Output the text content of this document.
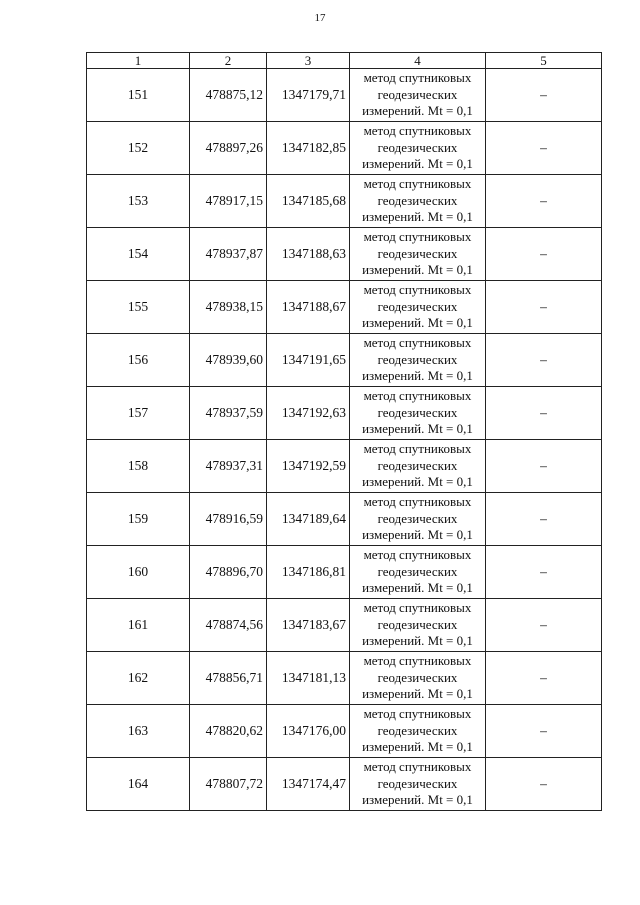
17
1	2	3	4	5
151	478875,12	1347179,71	метод спутниковых
геодезических
измерений. Mt = 0,1	–
152	478897,26	1347182,85	метод спутниковых
геодезических
измерений. Mt = 0,1	–
153	478917,15	1347185,68	метод спутниковых
геодезических
измерений. Mt = 0,1	–
154	478937,87	1347188,63	метод спутниковых
геодезических
измерений. Mt = 0,1	–
155	478938,15	1347188,67	метод спутниковых
геодезических
измерений. Mt = 0,1	–
156	478939,60	1347191,65	метод спутниковых
геодезических
измерений. Mt = 0,1	–
157	478937,59	1347192,63	метод спутниковых
геодезических
измерений. Mt = 0,1	–
158	478937,31	1347192,59	метод спутниковых
геодезических
измерений. Mt = 0,1	–
159	478916,59	1347189,64	метод спутниковых
геодезических
измерений. Mt = 0,1	–
160	478896,70	1347186,81	метод спутниковых
геодезических
измерений. Mt = 0,1	–
161	478874,56	1347183,67	метод спутниковых
геодезических
измерений. Mt = 0,1	–
162	478856,71	1347181,13	метод спутниковых
геодезических
измерений. Mt = 0,1	–
163	478820,62	1347176,00	метод спутниковых
геодезических
измерений. Mt = 0,1	–
164	478807,72	1347174,47	метод спутниковых
геодезических
измерений. Mt = 0,1	–
